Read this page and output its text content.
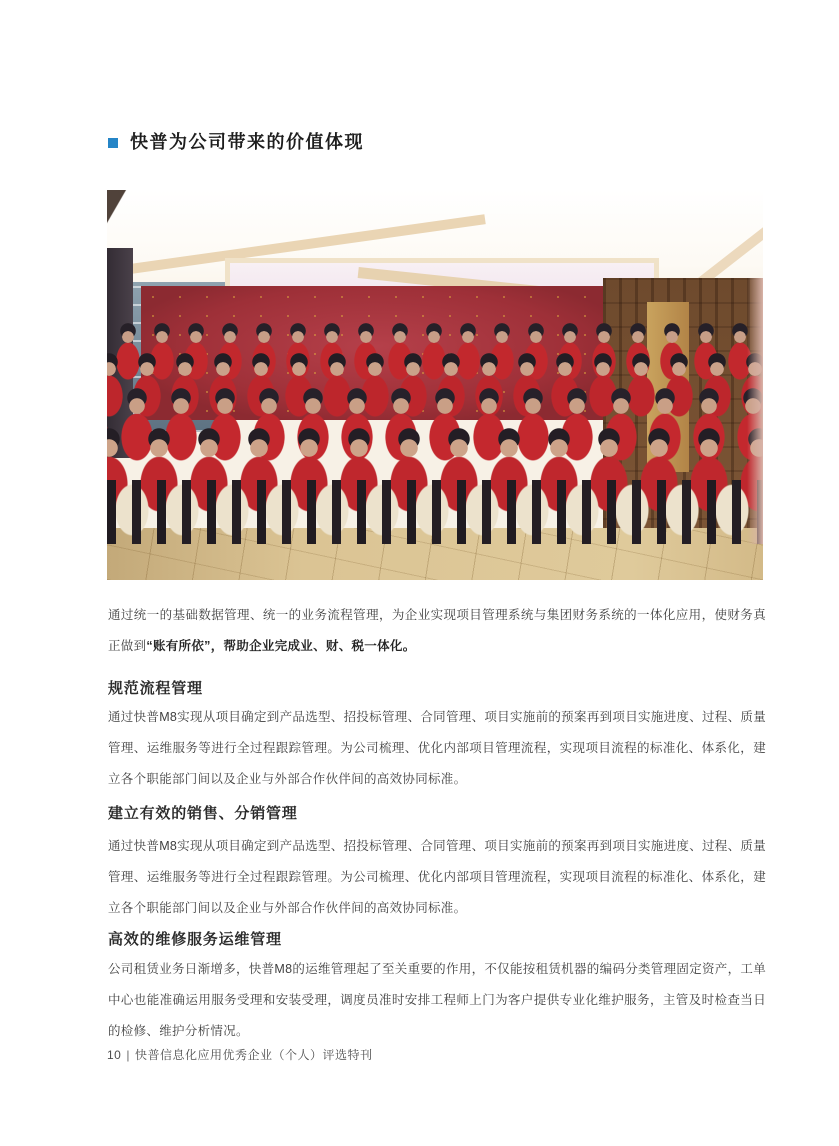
快普为公司带来的价值体现

通过统一的基础数据管理、统一的业务流程管理，为企业实现项目管理系统与集团财务系统的一体化应用，使财务真正做到“账有所依”，帮助企业完成业、财、税一体化。

规范流程管理

通过快普M8实现从项目确定到产品选型、招投标管理、合同管理、项目实施前的预案再到项目实施进度、过程、质量管理、运维服务等进行全过程跟踪管理。为公司梳理、优化内部项目管理流程，实现项目流程的标准化、体系化，建立各个职能部门间以及企业与外部合作伙伴间的高效协同标准。

建立有效的销售、分销管理

通过快普M8实现从项目确定到产品选型、招投标管理、合同管理、项目实施前的预案再到项目实施进度、过程、质量管理、运维服务等进行全过程跟踪管理。为公司梳理、优化内部项目管理流程，实现项目流程的标准化、体系化，建立各个职能部门间以及企业与外部合作伙伴间的高效协同标准。

高效的维修服务运维管理

公司租赁业务日渐增多，快普M8的运维管理起了至关重要的作用，不仅能按租赁机器的编码分类管理固定资产，工单中心也能准确运用服务受理和安装受理，调度员准时安排工程师上门为客户提供专业化维护服务，主管及时检查当日的检修、维护分析情况。

10 | 快普信息化应用优秀企业（个人）评选特刊
